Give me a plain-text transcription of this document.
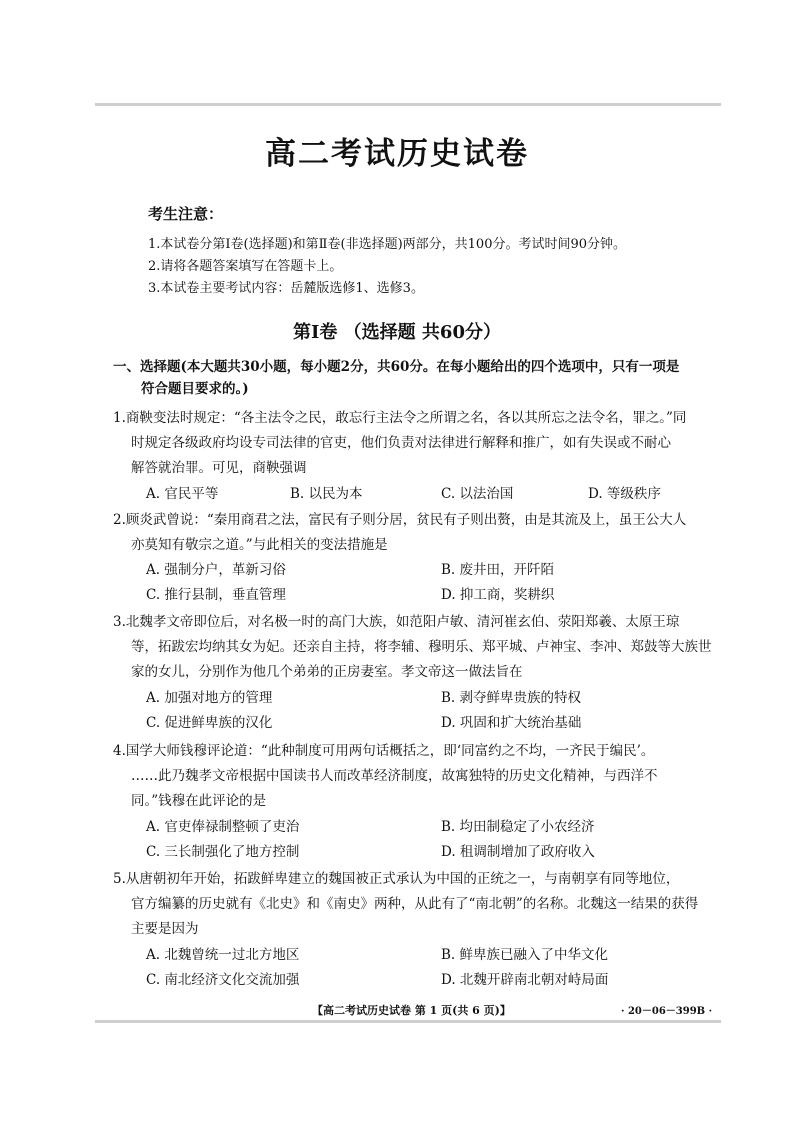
高二考试历史试卷
考生注意：
1.本试卷分第Ⅰ卷(选择题)和第Ⅱ卷(非选择题)两部分，共100分。考试时间90分钟。
2.请将各题答案填写在答题卡上。
3.本试卷主要考试内容：岳麓版选修1、选修3。
第Ⅰ卷 （选择题 共60分）
一、选择题(本大题共30小题，每小题2分，共60分。在每小题给出的四个选项中，只有一项是
符合题目要求的。)
1.商鞅变法时规定：“各主法令之民，敢忘行主法令之所谓之名，各以其所忘之法令名，罪之。”同
时规定各级政府均设专司法律的官吏，他们负责对法律进行解释和推广，如有失误或不耐心
解答就治罪。可见，商鞅强调
A. 官民平等	B. 以民为本	C. 以法治国	D. 等级秩序
2.顾炎武曾说：“秦用商君之法，富民有子则分居，贫民有子则出赘，由是其流及上，虽王公大人
亦莫知有敬宗之道。”与此相关的变法措施是
A. 强制分户，革新习俗	B. 废井田，开阡陌
C. 推行县制，垂直管理	D. 抑工商，奖耕织
3.北魏孝文帝即位后，对名极一时的高门大族，如范阳卢敏、清河崔玄伯、荥阳郑羲、太原王琼
等，拓跋宏均纳其女为妃。还亲自主持，将李辅、穆明乐、郑平城、卢神宝、李冲、郑鼓等大族世
家的女儿，分别作为他几个弟弟的正房妻室。孝文帝这一做法旨在
A. 加强对地方的管理	B. 剥夺鲜卑贵族的特权
C. 促进鲜卑族的汉化	D. 巩固和扩大统治基础
4.国学大师钱穆评论道：“此种制度可用两句话概括之，即‘同富约之不均，一齐民于编民’。
……此乃魏孝文帝根据中国读书人而改革经济制度，故寓独特的历史文化精神，与西洋不
同。”钱穆在此评论的是
A. 官吏俸禄制整顿了吏治	B. 均田制稳定了小农经济
C. 三长制强化了地方控制	D. 租调制增加了政府收入
5.从唐朝初年开始，拓跋鲜卑建立的魏国被正式承认为中国的正统之一，与南朝享有同等地位，
官方编纂的历史就有《北史》和《南史》两种，从此有了“南北朝”的名称。北魏这一结果的获得
主要是因为
A. 北魏曾统一过北方地区	B. 鲜卑族已融入了中华文化
C. 南北经济文化交流加强	D. 北魏开辟南北朝对峙局面
【高二考试历史试卷 第 1 页(共 6 页)】	· 20－06－399B ·
